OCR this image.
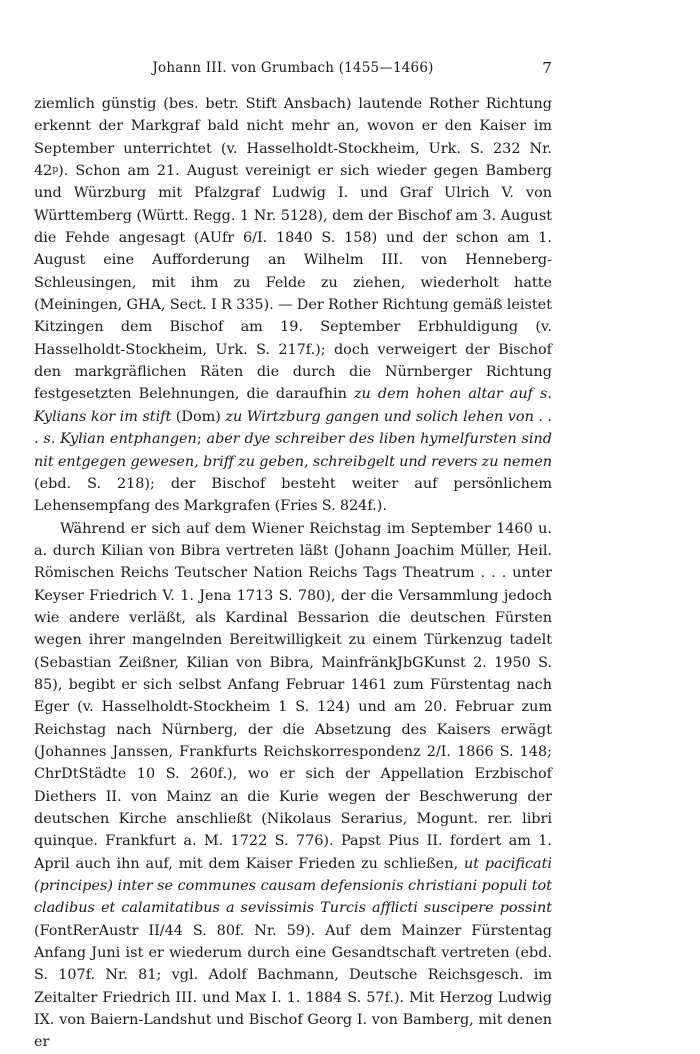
Johann III. von Grumbach (1455—1466)	7

ziemlich günstig (bes. betr. Stift Ansbach) lautende Rother Richtung erkennt der Markgraf bald nicht mehr an, wovon er den Kaiser im September unterrichtet (v. Hasselholdt-Stockheim, Urk. S. 232 Nr. 42$^p$). Schon am 21. August vereinigt er sich wieder gegen Bamberg und Würzburg mit Pfalzgraf Ludwig I. und Graf Ulrich V. von Württemberg (Württ. Regg. 1 Nr. 5128), dem der Bischof am 3. August die Fehde angesagt (AUfr 6/I. 1840 S. 158) und der schon am 1. August eine Aufforderung an Wilhelm III. von Henneberg-Schleusingen, mit ihm zu Felde zu ziehen, wiederholt hatte (Meiningen, GHA, Sect. I R 335). — Der Rother Richtung gemäß leistet Kitzingen dem Bischof am 19. September Erbhuldigung (v. Hasselholdt-Stockheim, Urk. S. 217f.); doch verweigert der Bischof den markgräflichen Räten die durch die Nürnberger Richtung festgesetzten Belehnungen, die daraufhin zu dem hohen altar auf s. Kylians kor im stift (Dom) zu Wirtzburg gangen und solich lehen von . . . s. Kylian entphangen; aber dye schreiber des liben hymelfursten sind nit entgegen gewesen, briff zu geben, schreibgelt und revers zu nemen (ebd. S. 218); der Bischof besteht weiter auf persönlichem Lehensempfang des Markgrafen (Fries S. 824f.).

Während er sich auf dem Wiener Reichstag im September 1460 u. a. durch Kilian von Bibra vertreten läßt (Johann Joachim Müller, Heil. Römischen Reichs Teutscher Nation Reichs Tags Theatrum . . . unter Keyser Friedrich V. 1. Jena 1713 S. 780), der die Versammlung jedoch wie andere verläßt, als Kardinal Bessarion die deutschen Fürsten wegen ihrer mangelnden Bereitwilligkeit zu einem Türkenzug tadelt (Sebastian Zeißner, Kilian von Bibra, MainfränkJbGKunst 2. 1950 S. 85), begibt er sich selbst Anfang Februar 1461 zum Fürstentag nach Eger (v. Hasselholdt-Stockheim 1 S. 124) und am 20. Februar zum Reichstag nach Nürnberg, der die Absetzung des Kaisers erwägt (Johannes Janssen, Frankfurts Reichskorrespondenz 2/I. 1866 S. 148; ChrDtStädte 10 S. 260f.), wo er sich der Appellation Erzbischof Diethers II. von Mainz an die Kurie wegen der Beschwerung der deutschen Kirche anschließt (Nikolaus Serarius, Mogunt. rer. libri quinque. Frankfurt a. M. 1722 S. 776). Papst Pius II. fordert am 1. April auch ihn auf, mit dem Kaiser Frieden zu schließen, ut pacificati (principes) inter se communes causam defensionis christiani populi tot cladibus et calamitatibus a sevissimis Turcis afflicti suscipere possint (FontRerAustr II/44 S. 80f. Nr. 59). Auf dem Mainzer Fürstentag Anfang Juni ist er wiederum durch eine Gesandtschaft vertreten (ebd. S. 107f. Nr. 81; vgl. Adolf Bachmann, Deutsche Reichsgesch. im Zeitalter Friedrich III. und Max I. 1. 1884 S. 57f.). Mit Herzog Ludwig IX. von Baiern-Landshut und Bischof Georg I. von Bamberg, mit denen er
